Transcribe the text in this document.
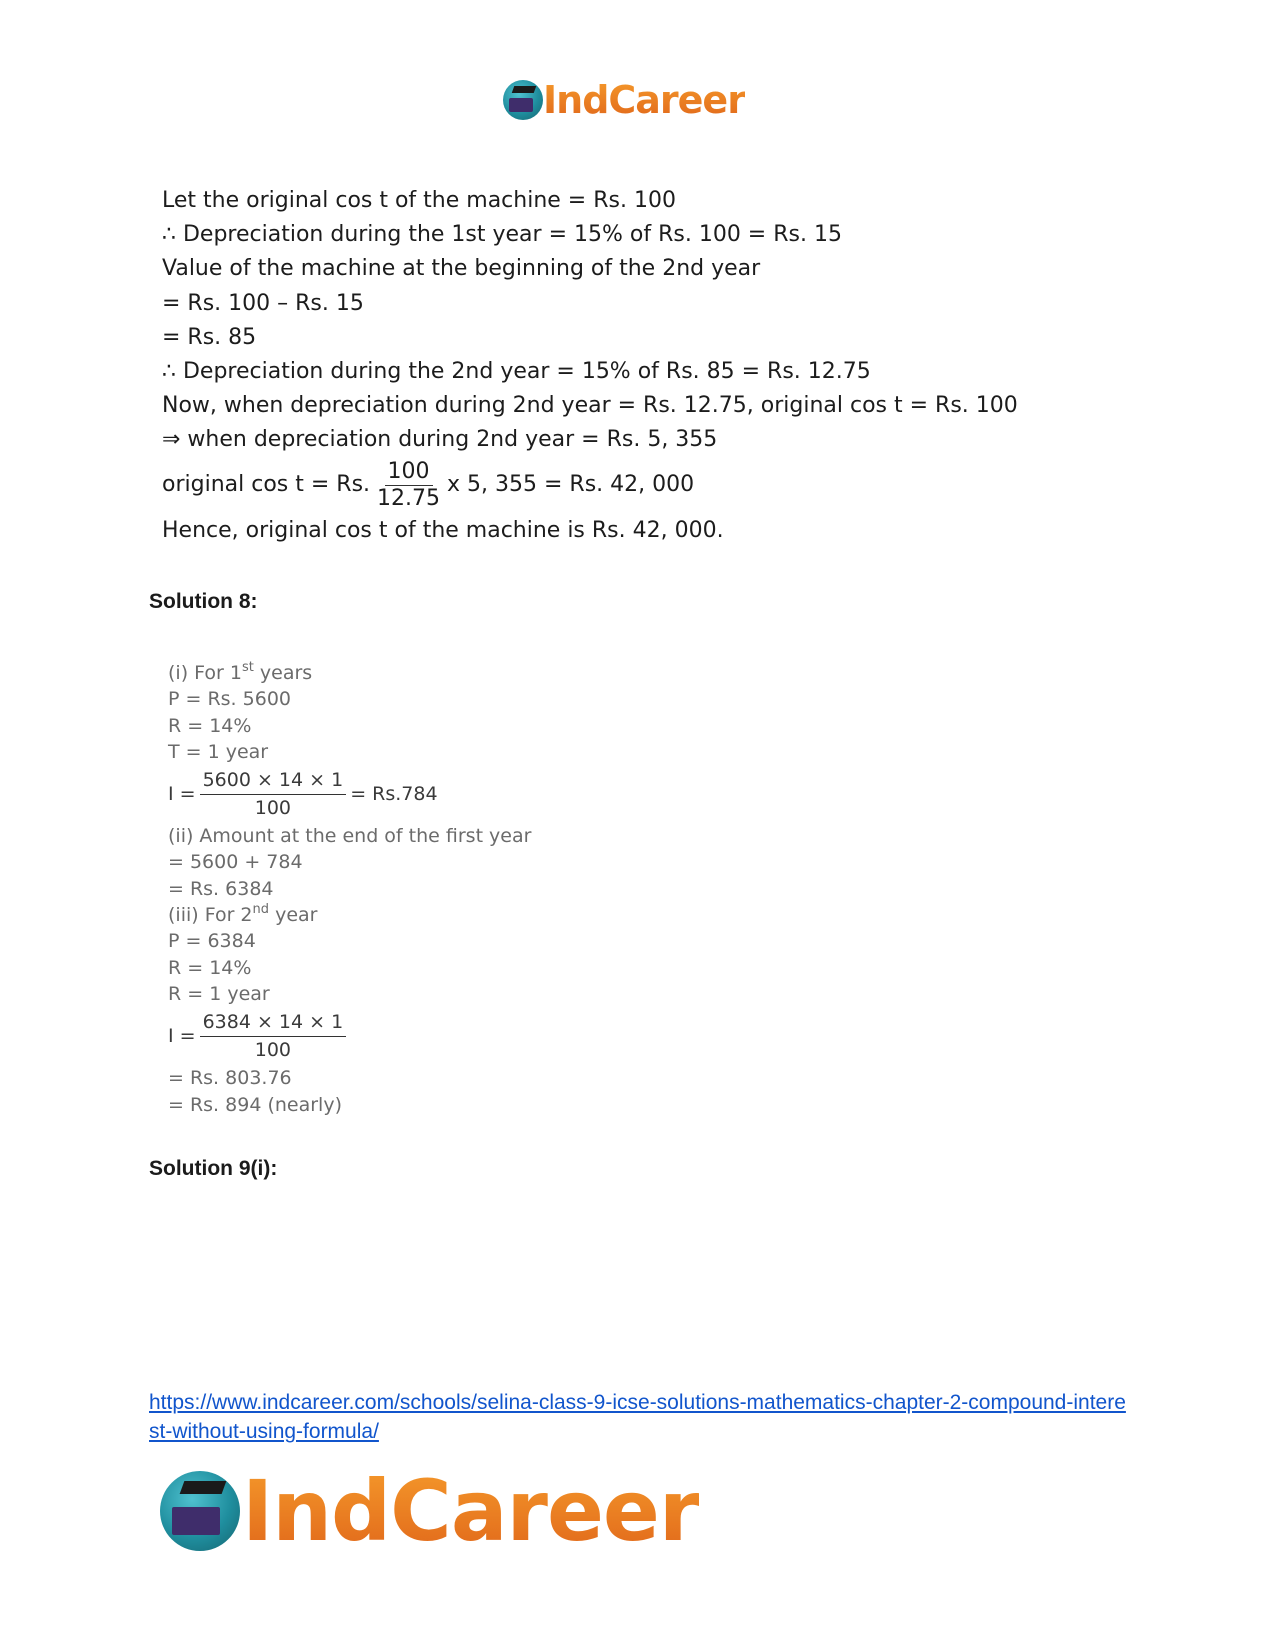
IndCareer
Let the original cos t of the machine = Rs. 100
∴ Depreciation during the 1st year = 15% of Rs. 100 = Rs. 15
Value of the machine at the beginning of the 2nd year
= Rs. 100 – Rs. 15
= Rs. 85
∴ Depreciation during the 2nd year = 15% of Rs. 85 = Rs. 12.75
Now, when depreciation during 2nd year = Rs. 12.75, original cos t = Rs. 100
⇒ when depreciation during 2nd year = Rs. 5, 355
original cos t = Rs. $\frac{100}{12.75}$ x 5, 355 = Rs. 42, 000
Hence, original cos t of the machine is Rs. 42, 000.
Solution 8:
(i) For 1st years
P = Rs. 5600
R = 14%
T = 1 year
$I = \frac{5600 \times 14 \times 1}{100} = Rs.784$
(ii) Amount at the end of the first year
= 5600 + 784
= Rs. 6384
(iii) For 2nd year
P = 6384
R = 14%
R = 1 year
$I = \frac{6384 \times 14 \times 1}{100}$
= Rs. 803.76
= Rs. 894 (nearly)
Solution 9(i):
https://www.indcareer.com/schools/selina-class-9-icse-solutions-mathematics-chapter-2-compound-interest-without-using-formula/
IndCareer
